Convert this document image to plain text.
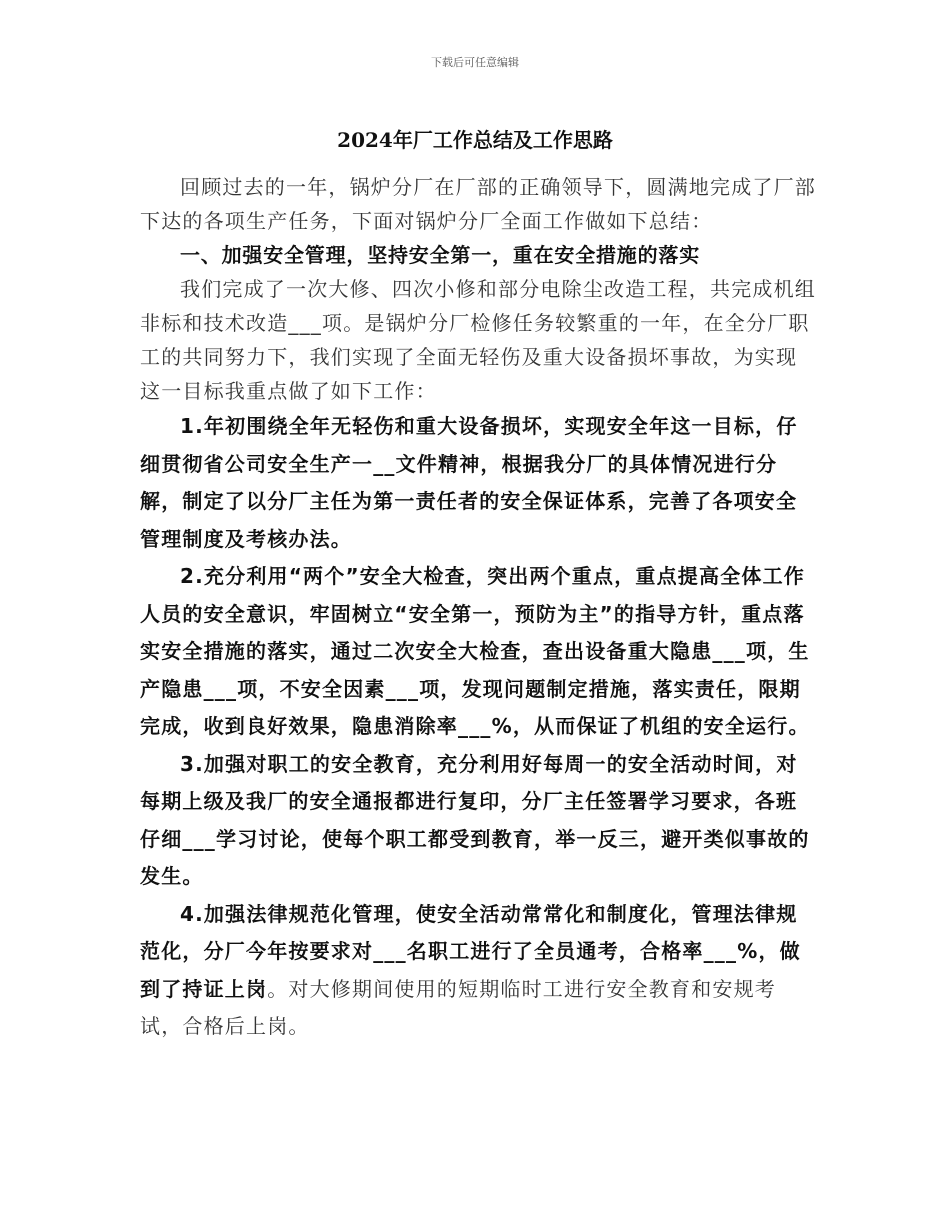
下载后可任意编辑
2024年厂工作总结及工作思路

回顾过去的一年，锅炉分厂在厂部的正确领导下，圆满地完成了厂部下达的各项生产任务，下面对锅炉分厂全面工作做如下总结：

一、加强安全管理，坚持安全第一，重在安全措施的落实

我们完成了一次大修、四次小修和部分电除尘改造工程，共完成机组非标和技术改造___项。是锅炉分厂检修任务较繁重的一年，在全分厂职工的共同努力下，我们实现了全面无轻伤及重大设备损坏事故，为实现这一目标我重点做了如下工作：

1.年初围绕全年无轻伤和重大设备损坏，实现安全年这一目标，仔细贯彻省公司安全生产一__文件精神，根据我分厂的具体情况进行分解，制定了以分厂主任为第一责任者的安全保证体系，完善了各项安全管理制度及考核办法。

2.充分利用“两个”安全大检查，突出两个重点，重点提高全体工作人员的安全意识，牢固树立“安全第一，预防为主”的指导方针，重点落实安全措施的落实，通过二次安全大检查，查出设备重大隐患___项，生产隐患___项，不安全因素___项，发现问题制定措施，落实责任，限期完成，收到良好效果，隐患消除率___%，从而保证了机组的安全运行。

3.加强对职工的安全教育，充分利用好每周一的安全活动时间，对每期上级及我厂的安全通报都进行复印，分厂主任签署学习要求，各班仔细___学习讨论，使每个职工都受到教育，举一反三，避开类似事故的发生。

4.加强法律规范化管理，使安全活动常常化和制度化，管理法律规范化，分厂今年按要求对___名职工进行了全员通考，合格率___%，做到了持证上岗。对大修期间使用的短期临时工进行安全教育和安规考试，合格后上岗。
